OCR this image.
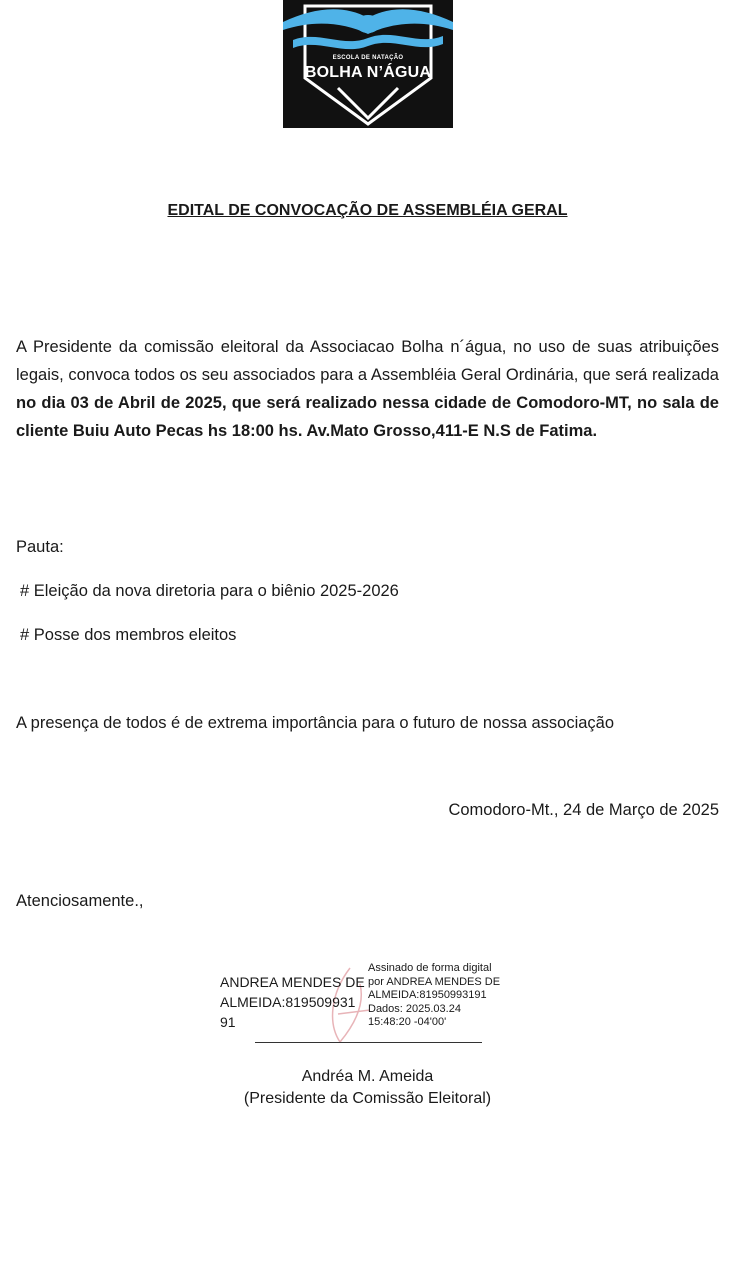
ESCOLA DE NATAÇÃO
BOLHA N’ÁGUA
EDITAL DE CONVOCAÇÃO DE ASSEMBLÉIA GERAL
A Presidente da comissão eleitoral da Associacao Bolha n´água, no uso de suas atribuições legais, convoca todos os seu associados para a Assembléia Geral Ordinária, que será realizada no dia 03 de Abril de 2025, que será realizado nessa cidade de Comodoro-MT, no sala de cliente Buiu Auto Pecas hs 18:00 hs. Av.Mato Grosso,411-E N.S de Fatima.
Pauta:
# Eleição da nova diretoria para o biênio 2025-2026
# Posse dos membros eleitos
A presença de todos é de extrema importância para o futuro de nossa associação
Comodoro-Mt., 24 de Março de 2025
Atenciosamente.,
ANDREA MENDES DE
ALMEIDA:819509931
91
Assinado de forma digital
por ANDREA MENDES DE
ALMEIDA:81950993191
Dados: 2025.03.24
15:48:20 -04'00'
Andréa M. Ameida
(Presidente da Comissão Eleitoral)
